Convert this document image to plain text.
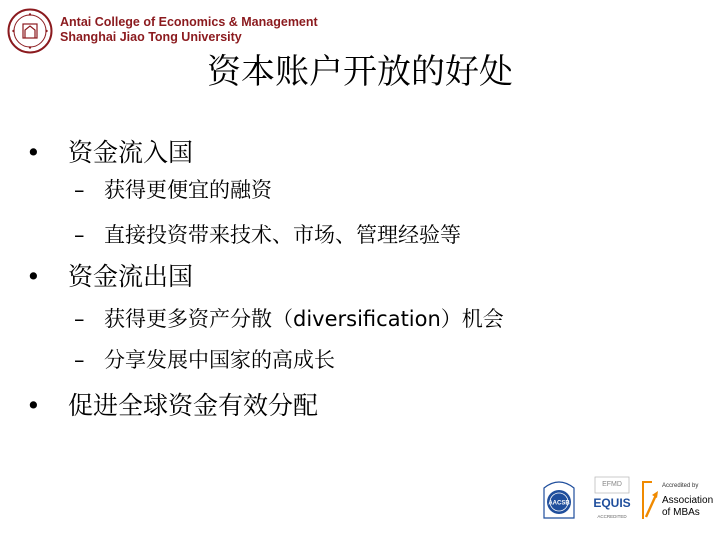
Antai College of Economics & Management
Shanghai Jiao Tong University
资本账户开放的好处
• 资金流入国
– 获得更便宜的融资
– 直接投资带来技术、市场、管理经验等
• 资金流出国
– 获得更多资产分散（diversification）机会
– 分享发展中国家的高成长
• 促进全球资金有效分配
AACSB
EFMD
EQUIS
ACCREDITED
Accredited by
Association
of MBAs
